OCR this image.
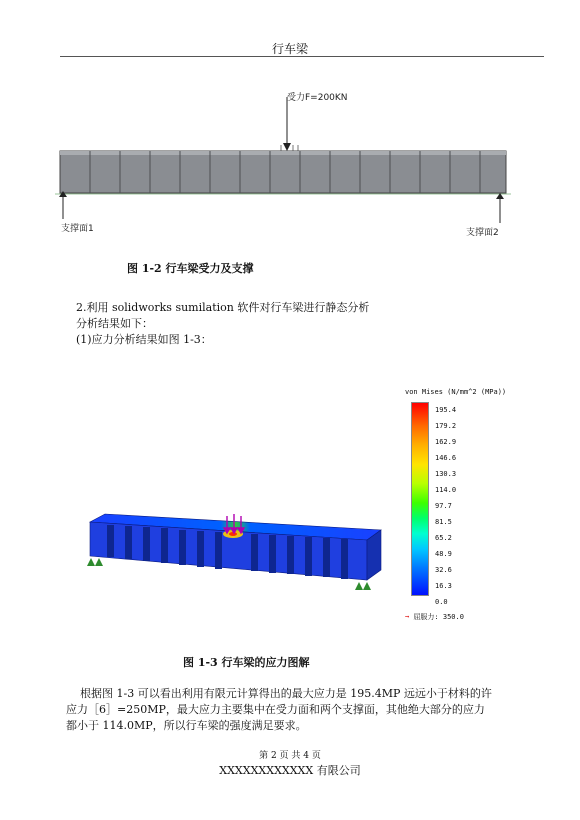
行车梁
受力F=200KN
支撑面1	支撑面2
图 1-2 行车梁受力及支撑
2.利用 solidworks sumilation 软件对行车梁进行静态分析
分析结果如下：
(1)应力分析结果如图 1-3：
von Mises (N/mm^2 (MPa))
195.4
179.2
162.9
146.6
130.3
114.0
97.7
81.5
65.2
48.9
32.6
16.3
0.0
➞ 屈服力: 350.0
图 1-3 行车梁的应力图解
根据图 1-3 可以看出利用有限元计算得出的最大应力是 195.4MP 远远小于材料的许
应力［6］=250MP，最大应力主要集中在受力面和两个支撑面，其他绝大部分的应力
都小于 114.0MP，所以行车梁的强度满足要求。
第 2 页 共 4 页
XXXXXXXXXXXX 有限公司
